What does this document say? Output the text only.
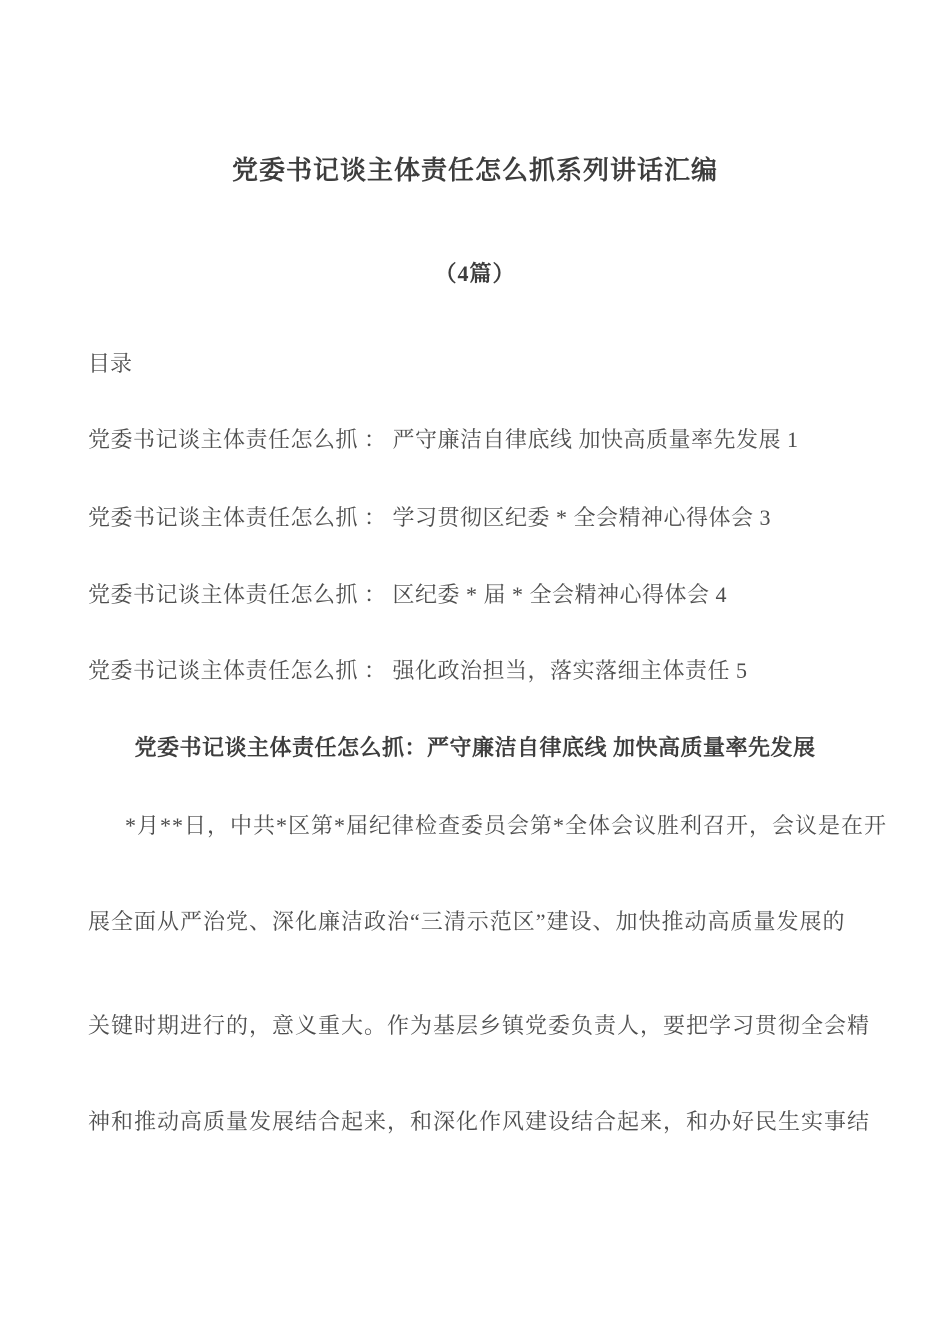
党委书记谈主体责任怎么抓系列讲话汇编
（4篇）
目录
党委书记谈主体责任怎么抓 ： 严守廉洁自律底线 加快高质量率先发展 1
党委书记谈主体责任怎么抓 ： 学习贯彻区纪委 * 全会精神心得体会 3
党委书记谈主体责任怎么抓 ： 区纪委 * 届 * 全会精神心得体会 4
党委书记谈主体责任怎么抓 ： 强化政治担当，落实落细主体责任 5
党委书记谈主体责任怎么抓：严守廉洁自律底线 加快高质量率先发展
*月**日，中共*区第*届纪律检查委员会第*全体会议胜利召开，会议是在开
展全面从严治党、深化廉洁政治“三清示范区”建设、加快推动高质量发展的
关键时期进行的，意义重大。作为基层乡镇党委负责人，要把学习贯彻全会精
神和推动高质量发展结合起来，和深化作风建设结合起来，和办好民生实事结
